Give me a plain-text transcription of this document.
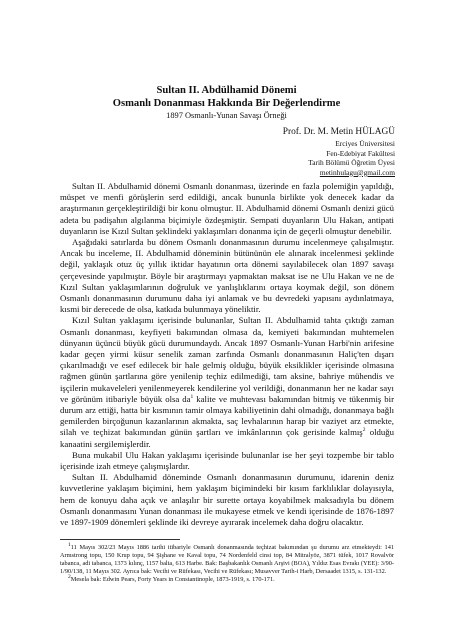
Sultan II. Abdülhamid Dönemi
Osmanlı Donanması Hakkında Bir Değerlendirme
1897 Osmanlı-Yunan Savaşı Örneği
Prof. Dr. M. Metin HÜLAGÜ
Erciyes Üniversitesi
Fen-Edebiyat Fakültesi
Tarih Bölümü Öğretim Üyesi
metinhulagu@gmail.com

Sultan II. Abdulhamid dönemi Osmanlı donanması, üzerinde en fazla polemiğin yapıldığı, müspet ve menfi görüşlerin serd edildiği, ancak bununla birlikte yok denecek kadar da araştırmanın gerçekleştirildiği bir konu olmuştur. II. Abdulhamid dönemi Osmanlı denizi gücü adeta bu padişahın algılanma biçimiyle özdeşmiştir. Sempati duyanların Ulu Hakan, antipati duyanların ise Kızıl Sultan şeklindeki yaklaşımları donanma için de geçerli olmuştur denebilir.

Aşağıdaki satırlarda bu dönem Osmanlı donanmasının durumu incelenmeye çalışılmıştır. Ancak bu inceleme, II. Abdulhamid döneminin bütününün ele alınarak incelenmesi şeklinde değil, yaklaşık otuz üç yıllık iktidar hayatının orta dönemi sayılabilecek olan 1897 savaşı çerçevesinde yapılmıştır. Böyle bir araştırmayı yapmaktan maksat ise ne Ulu Hakan ve ne de Kızıl Sultan yaklaşımlarının doğruluk ve yanlışlıklarını ortaya koymak değil, son dönem Osmanlı donanmasının durumunu daha iyi anlamak ve bu devredeki yapısını aydınlatmaya, kısmi bir derecede de olsa, katkıda bulunmaya yöneliktir.

Kızıl Sultan yaklaşımı içerisinde bulunanlar, Sultan II. Abdulhamid tahta çıktığı zaman Osmanlı donanması, keyfiyeti bakımından olmasa da, kemiyeti bakımından muhtemelen dünyanın üçüncü büyük gücü durumundaydı. Ancak 1897 Osmanlı-Yunan Harbi'nin arifesine kadar geçen yirmi küsur senelik zaman zarfında Osmanlı donanmasının Haliç'ten dışarı çıkarılmadığı ve esef edilecek bir hale gelmiş olduğu, büyük eksiklikler içerisinde olmasına rağmen günün şartlarına göre yenilenip teçhiz edilmediği, tam aksine, bahriye mühendis ve işçilerin mukaveleleri yenilenmeyerek kendilerine yol verildiği, donanmanın her ne kadar sayı ve görünüm itibariyle büyük olsa $da^1$ kalite ve muhtevası bakımından bitmiş ve tükenmiş bir durum arz ettiği, hatta bir kısmının tamir olmaya kabiliyetinin dahi olmadığı, donanmaya bağlı gemilerden birçoğunun kazanlarının akmakta, saç levhalarının harap bir vaziyet arz etmekte, silah ve teçhizat bakımından günün şartları ve imkânlarının çok gerisinde kalmış$^2$ olduğu kanaatini sergilemişlerdir.

Buna mukabil Ulu Hakan yaklaşımı içerisinde bulunanlar ise her şeyi tozpembe bir tablo içerisinde izah etmeye çalışmışlardır.

Sultan II. Abdulhamid döneminde Osmanlı donanmasının durumunu, idarenin deniz kuvvetlerine yaklaşım biçimini, hem yaklaşım biçimindeki bir kısım farklılıklar dolayısıyla, hem de konuyu daha açık ve anlaşılır bir surette ortaya koyabilmek maksadıyla bu dönem Osmanlı donanmasını Yunan donanması ile mukayese etmek ve kendi içerisinde de 1876-1897 ve 1897-1909 dönemleri şeklinde iki devreye ayırarak incelemek daha doğru olacaktır.

$^1$11 Mayıs 302/23 Mayıs 1886 tarihi itibariyle Osmanlı donanmasında teçhizat bakımından şu durumu arz etmekteydi: 141 Armstrong topu, 150 Krup topu, 94 Şişhane ve Kaval topu, 74 Nordenfeld cinsi top, 84 Mitralyöz, 3871 tüfek, 1017 Rovalvör tabanca, adi tabanca, 1373 kılınç, 1157 balta, 613 Harbe. Bak: Başbakanlık Osmanlı Arşivi (BOA), Yıldız Esas Evrakı (YEE): 3/90-1/90/138, 11 Mayıs 302. Ayrıca bak: Vecihi ve Rüfekası, Vecihi ve Rüfekası; Musavver Tarih-i Harb, Dersaadet 1315, s. 131-132.

$^2$Mesela bak: Edwin Pears, Forty Years in Constantinople, 1873-1919, s. 170-171.
